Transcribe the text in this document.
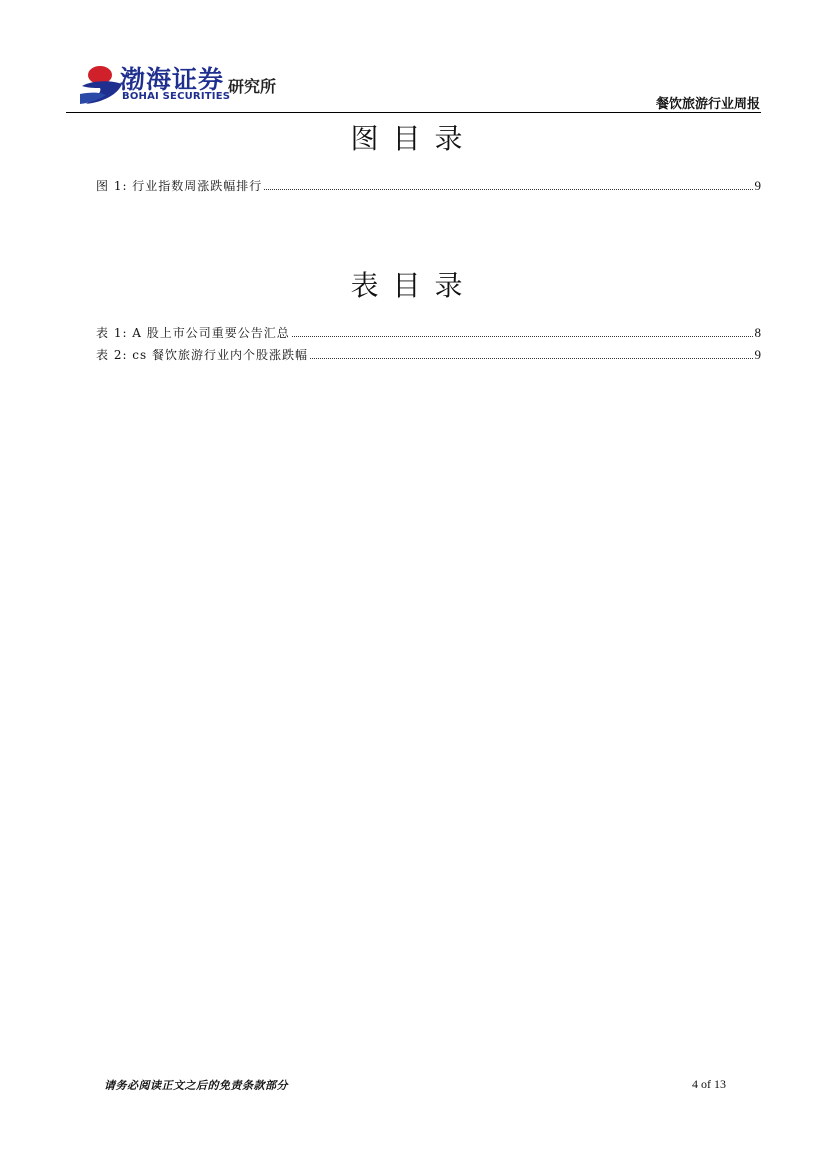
渤海证券
BOHAI SECURITIES
研究所
餐饮旅游行业周报
图目录
图 1: 行业指数周涨跌幅排行	9
表目录
表 1: A 股上市公司重要公告汇总	8
表 2: cs 餐饮旅游行业内个股涨跌幅	9
请务必阅读正文之后的免责条款部分	4 of 13
